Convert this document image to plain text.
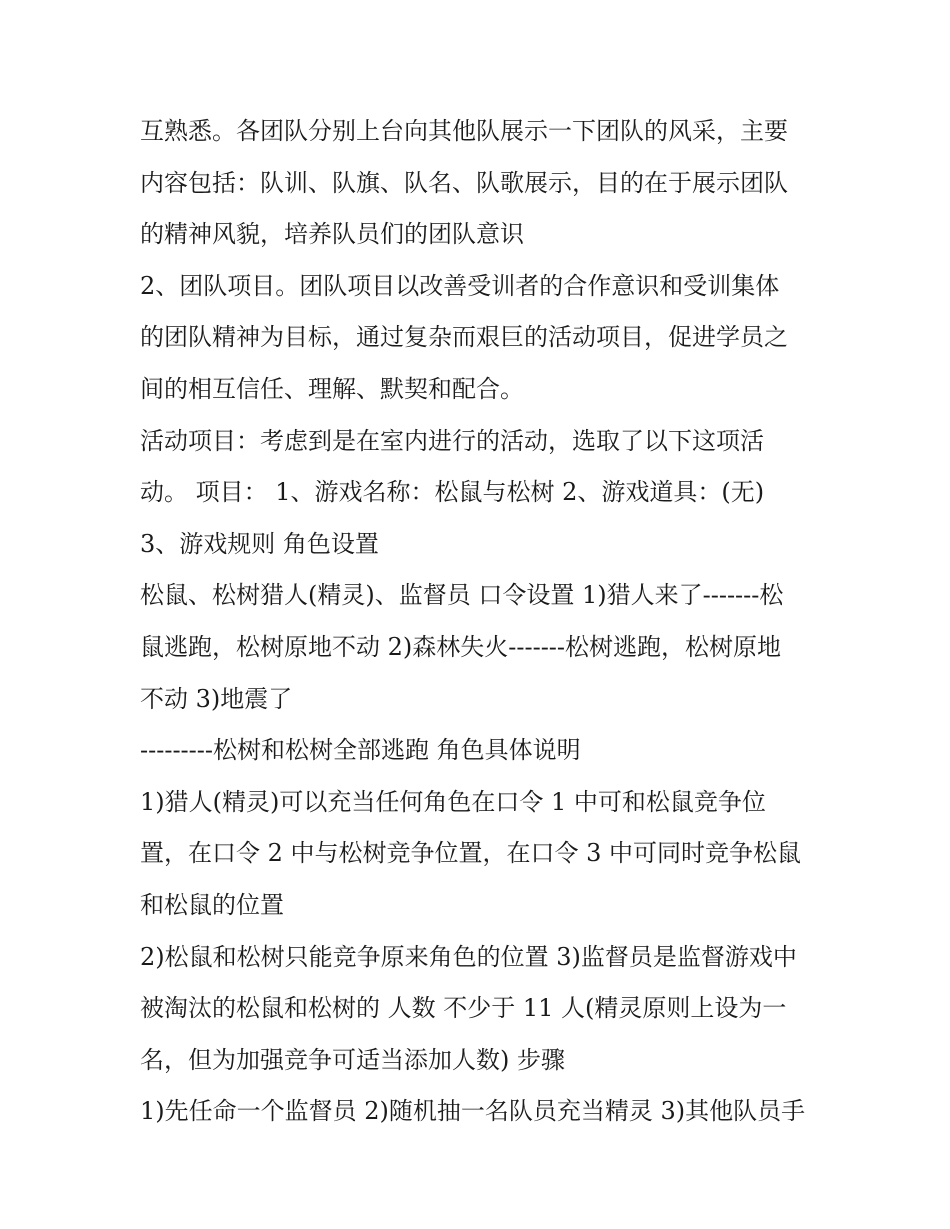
互熟悉。各团队分别上台向其他队展示一下团队的风采，主要
内容包括：队训、队旗、队名、队歌展示，目的在于展示团队
的精神风貌，培养队员们的团队意识
2、团队项目。团队项目以改善受训者的合作意识和受训集体
的团队精神为目标，通过复杂而艰巨的活动项目，促进学员之
间的相互信任、理解、默契和配合。
活动项目：考虑到是在室内进行的活动，选取了以下这项活
动。 项目： 1、游戏名称：松鼠与松树 2、游戏道具：(无)
3、游戏规则 角色设置
松鼠、松树猎人(精灵)、监督员 口令设置 1)猎人来了-------松
鼠逃跑，松树原地不动 2)森林失火-------松树逃跑，松树原地
不动 3)地震了
---------松树和松树全部逃跑 角色具体说明
1)猎人(精灵)可以充当任何角色在口令 1 中可和松鼠竞争位
置，在口令 2 中与松树竞争位置，在口令 3 中可同时竞争松鼠
和松鼠的位置
2)松鼠和松树只能竞争原来角色的位置 3)监督员是监督游戏中
被淘汰的松鼠和松树的 人数 不少于 11 人(精灵原则上设为一
名，但为加强竞争可适当添加人数) 步骤
1)先任命一个监督员 2)随机抽一名队员充当精灵 3)其他队员手
